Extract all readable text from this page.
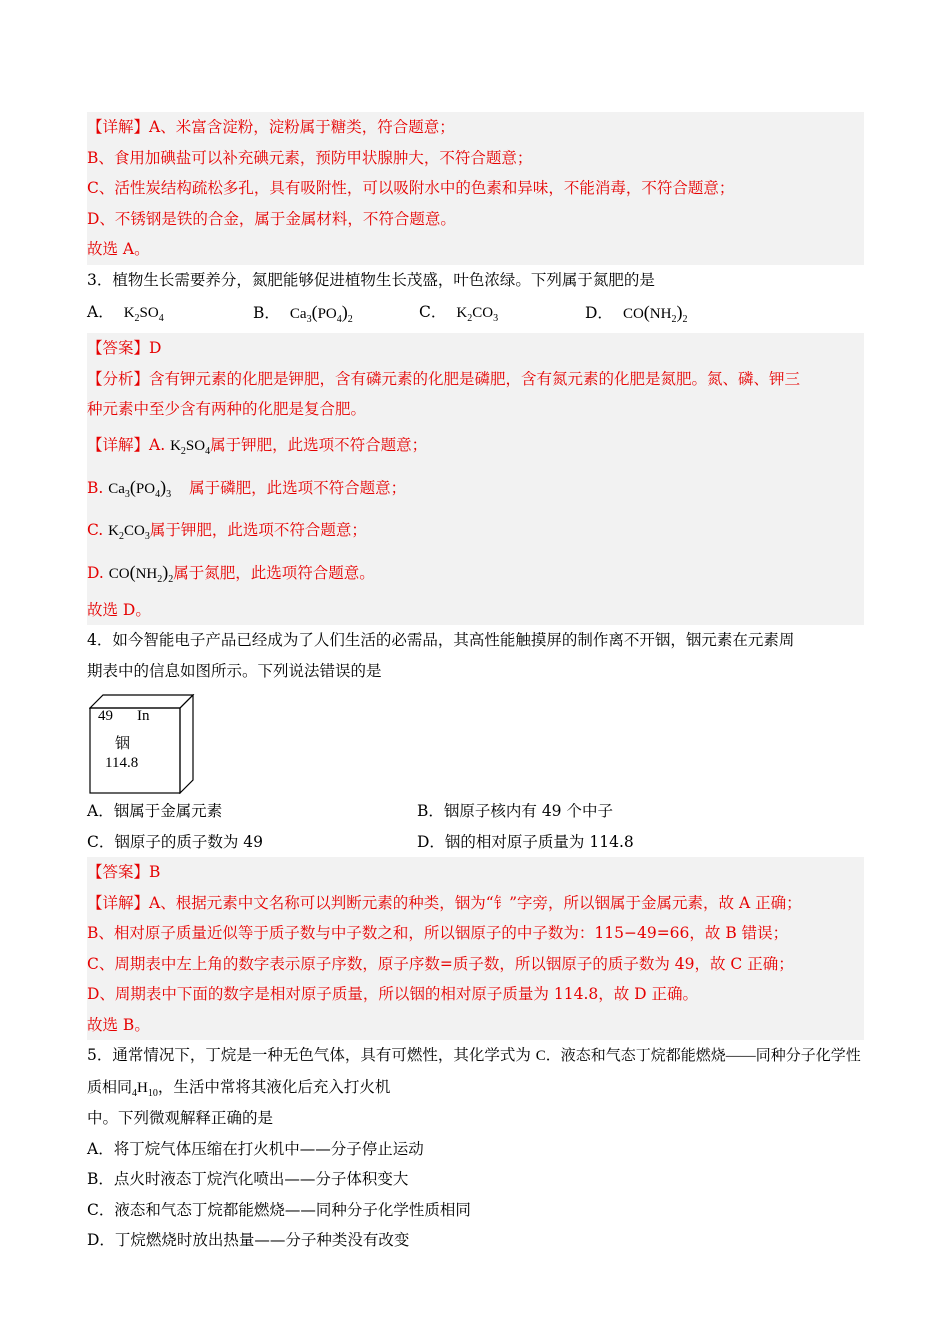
【详解】A、米富含淀粉，淀粉属于糖类，符合题意；
B、食用加碘盐可以补充碘元素，预防甲状腺肿大，不符合题意；
C、活性炭结构疏松多孔，具有吸附性，可以吸附水中的色素和异味，不能消毒，不符合题意；
D、不锈钢是铁的合金，属于金属材料，不符合题意。
故选 A。
3．植物生长需要养分，氮肥能够促进植物生长茂盛，叶色浓绿。下列属于氮肥的是
A． $K_2SO_4$	B． $Ca_3(PO_4)_2$	C． $K_2CO_3$	D． $CO(NH_2)_2$
【答案】D
【分析】含有钾元素的化肥是钾肥，含有磷元素的化肥是磷肥，含有氮元素的化肥是氮肥。氮、磷、钾三
种元素中至少含有两种的化肥是复合肥。
【详解】A. $K_2SO_4$属于钾肥，此选项不符合题意；
B. $Ca_3(PO_4)_3$ 属于磷肥，此选项不符合题意；
C. $K_2CO_3$属于钾肥，此选项不符合题意；
D. $CO(NH_2)_2$属于氮肥，此选项符合题意。
故选 D。
4．如今智能电子产品已经成为了人们生活的必需品，其高性能触摸屏的制作离不开铟，铟元素在元素周
期表中的信息如图所示。下列说法错误的是
49 In
铟
114.8
A．铟属于金属元素	B．铟原子核内有 49 个中子
C．铟原子的质子数为 49	D．铟的相对原子质量为 114.8
【答案】B
【详解】A、根据元素中文名称可以判断元素的种类，铟为“钅”字旁，所以铟属于金属元素，故 A 正确；
B、相对原子质量近似等于质子数与中子数之和，所以铟原子的中子数为：115−49=66，故 B 错误；
C、周期表中左上角的数字表示原子序数，原子序数=质子数，所以铟原子的质子数为 49，故 C 正确；
D、周期表中下面的数字是相对原子质量，所以铟的相对原子质量为 114.8，故 D 正确。
故选 B。
5．通常情况下，丁烷是一种无色气体，具有可燃性，其化学式为 C．液态和气态丁烷都能燃烧——同种分子化学性质相同$_4H_{10}$，生活中常将其液化后充入打火机
中。下列微观解释正确的是
A．将丁烷气体压缩在打火机中——分子停止运动
B．点火时液态丁烷汽化喷出——分子体积变大
C．液态和气态丁烷都能燃烧——同种分子化学性质相同
D．丁烷燃烧时放出热量——分子种类没有改变
